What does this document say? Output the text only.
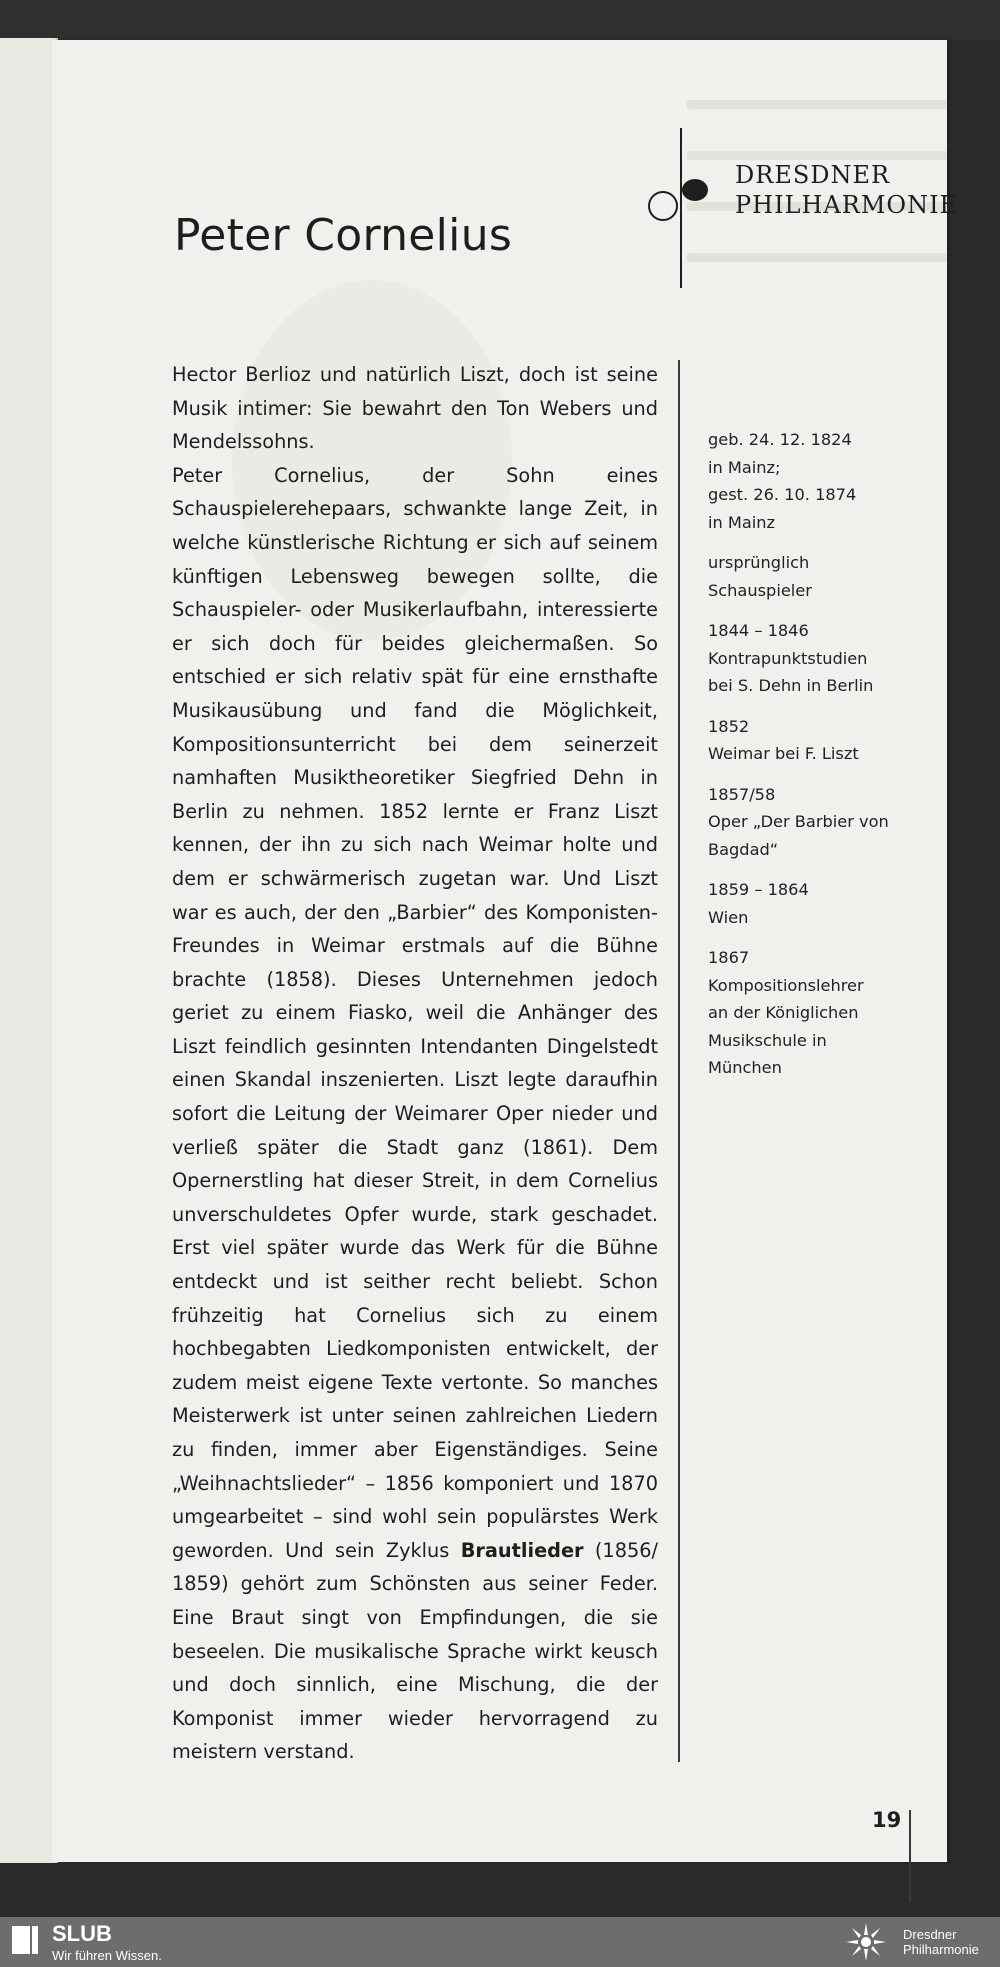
Peter Cornelius
DRESDNER
PHILHARMONIE

Hector Berlioz und natürlich Liszt, doch ist seine Musik intimer: Sie bewahrt den Ton Webers und Mendelssohns.

Peter Cornelius, der Sohn eines Schauspielerehepaars, schwankte lange Zeit, in welche künstlerische Richtung er sich auf seinem künftigen Lebensweg bewegen sollte, die Schauspieler- oder Musikerlaufbahn, interessierte er sich doch für beides gleichermaßen. So entschied er sich relativ spät für eine ernsthafte Musikausübung und fand die Möglichkeit, Kompositionsunterricht bei dem seinerzeit namhaften Musiktheoretiker Siegfried Dehn in Berlin zu nehmen. 1852 lernte er Franz Liszt kennen, der ihn zu sich nach Weimar holte und dem er schwärmerisch zugetan war. Und Liszt war es auch, der den „Barbier“ des Komponisten-Freundes in Weimar erstmals auf die Bühne brachte (1858). Dieses Unternehmen jedoch geriet zu einem Fiasko, weil die Anhänger des Liszt feindlich gesinnten Intendanten Dingelstedt einen Skandal inszenierten. Liszt legte daraufhin sofort die Leitung der Weimarer Oper nieder und verließ später die Stadt ganz (1861). Dem Opernerstling hat dieser Streit, in dem Cornelius unverschuldetes Opfer wurde, stark geschadet. Erst viel später wurde das Werk für die Bühne entdeckt und ist seither recht beliebt. Schon frühzeitig hat Cornelius sich zu einem hochbegabten Liedkomponisten entwickelt, der zudem meist eigene Texte vertonte. So manches Meisterwerk ist unter seinen zahlreichen Liedern zu finden, immer aber Eigenständiges. Seine „Weihnachtslieder“ – 1856 komponiert und 1870 umgearbeitet – sind wohl sein populärstes Werk geworden. Und sein Zyklus Brautlieder (1856/ 1859) gehört zum Schönsten aus seiner Feder. Eine Braut singt von Empfindungen, die sie beseelen. Die musikalische Sprache wirkt keusch und doch sinnlich, eine Mischung, die der Komponist immer wieder hervorragend zu meistern verstand.

geb. 24. 12. 1824
in Mainz;
gest. 26. 10. 1874
in Mainz
ursprünglich
Schauspieler
1844 – 1846
Kontrapunktstudien
bei S. Dehn in Berlin
1852
Weimar bei F. Liszt
1857/58
Oper „Der Barbier von
Bagdad“
1859 – 1864
Wien
1867
Kompositionslehrer
an der Königlichen
Musikschule in
München
19
SLUB
Wir führen Wissen.
Dresdner
Philharmonie
